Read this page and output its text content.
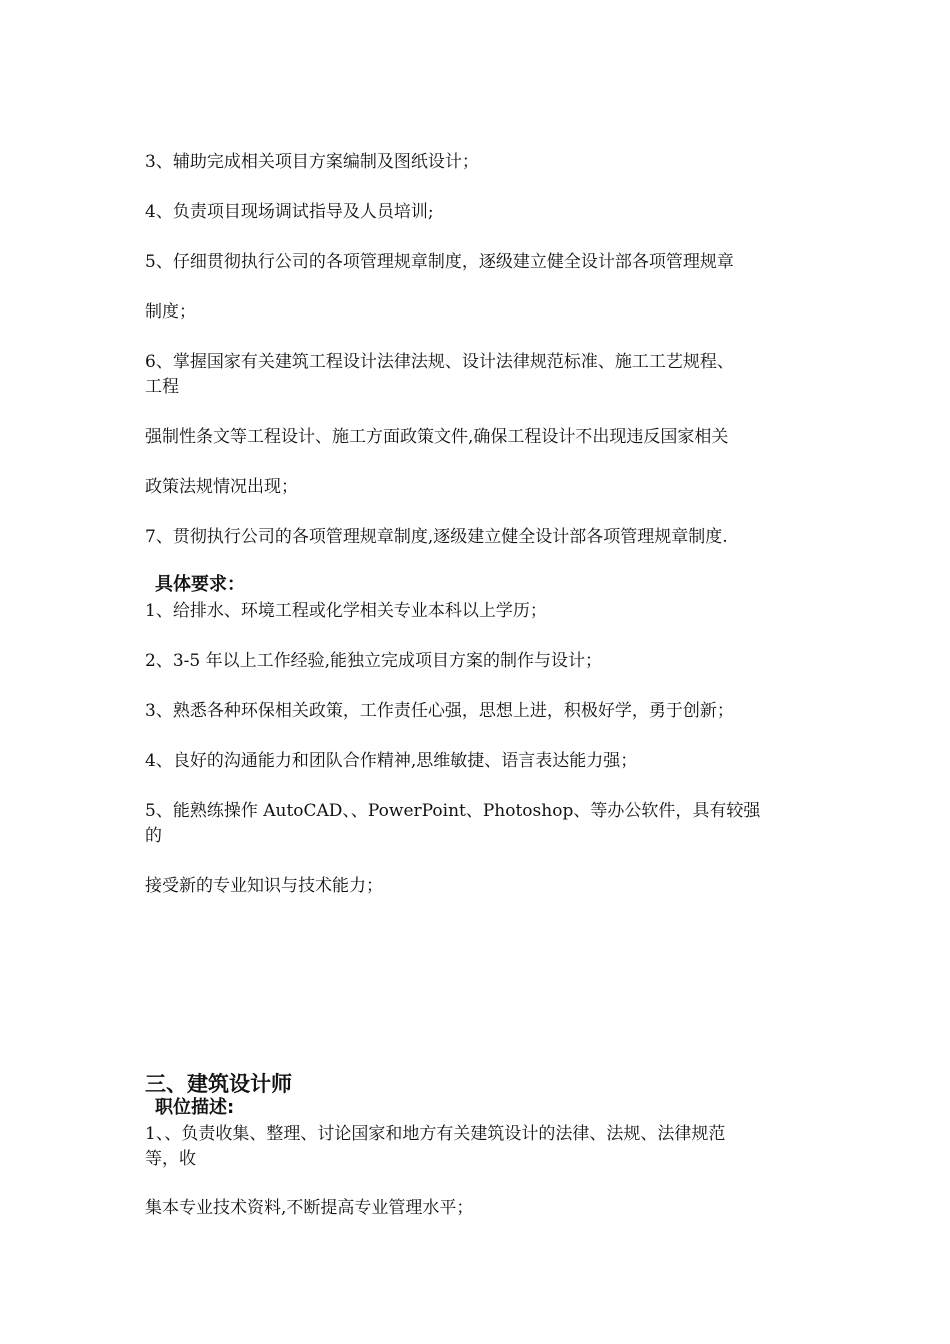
3、辅助完成相关项目方案编制及图纸设计；
4、负责项目现场调试指导及人员培训;
5、仔细贯彻执行公司的各项管理规章制度，逐级建立健全设计部各项管理规章
制度；
6、掌握国家有关建筑工程设计法律法规、设计法律规范标准、施工工艺规程、
工程
强制性条文等工程设计、施工方面政策文件,确保工程设计不出现违反国家相关
政策法规情况出现；
7、贯彻执行公司的各项管理规章制度,逐级建立健全设计部各项管理规章制度.
具体要求：
1、给排水、环境工程或化学相关专业本科以上学历；
2、3-5 年以上工作经验,能独立完成项目方案的制作与设计；
3、熟悉各种环保相关政策，工作责任心强，思想上进，积极好学，勇于创新；
4、良好的沟通能力和团队合作精神,思维敏捷、语言表达能力强；
5、能熟练操作 AutoCAD、、PowerPoint、Photoshop、等办公软件，具有较强
的
接受新的专业知识与技术能力；
三、建筑设计师
职位描述:
1、、负责收集、整理、讨论国家和地方有关建筑设计的法律、法规、法律规范
等，收
集本专业技术资料,不断提高专业管理水平；
